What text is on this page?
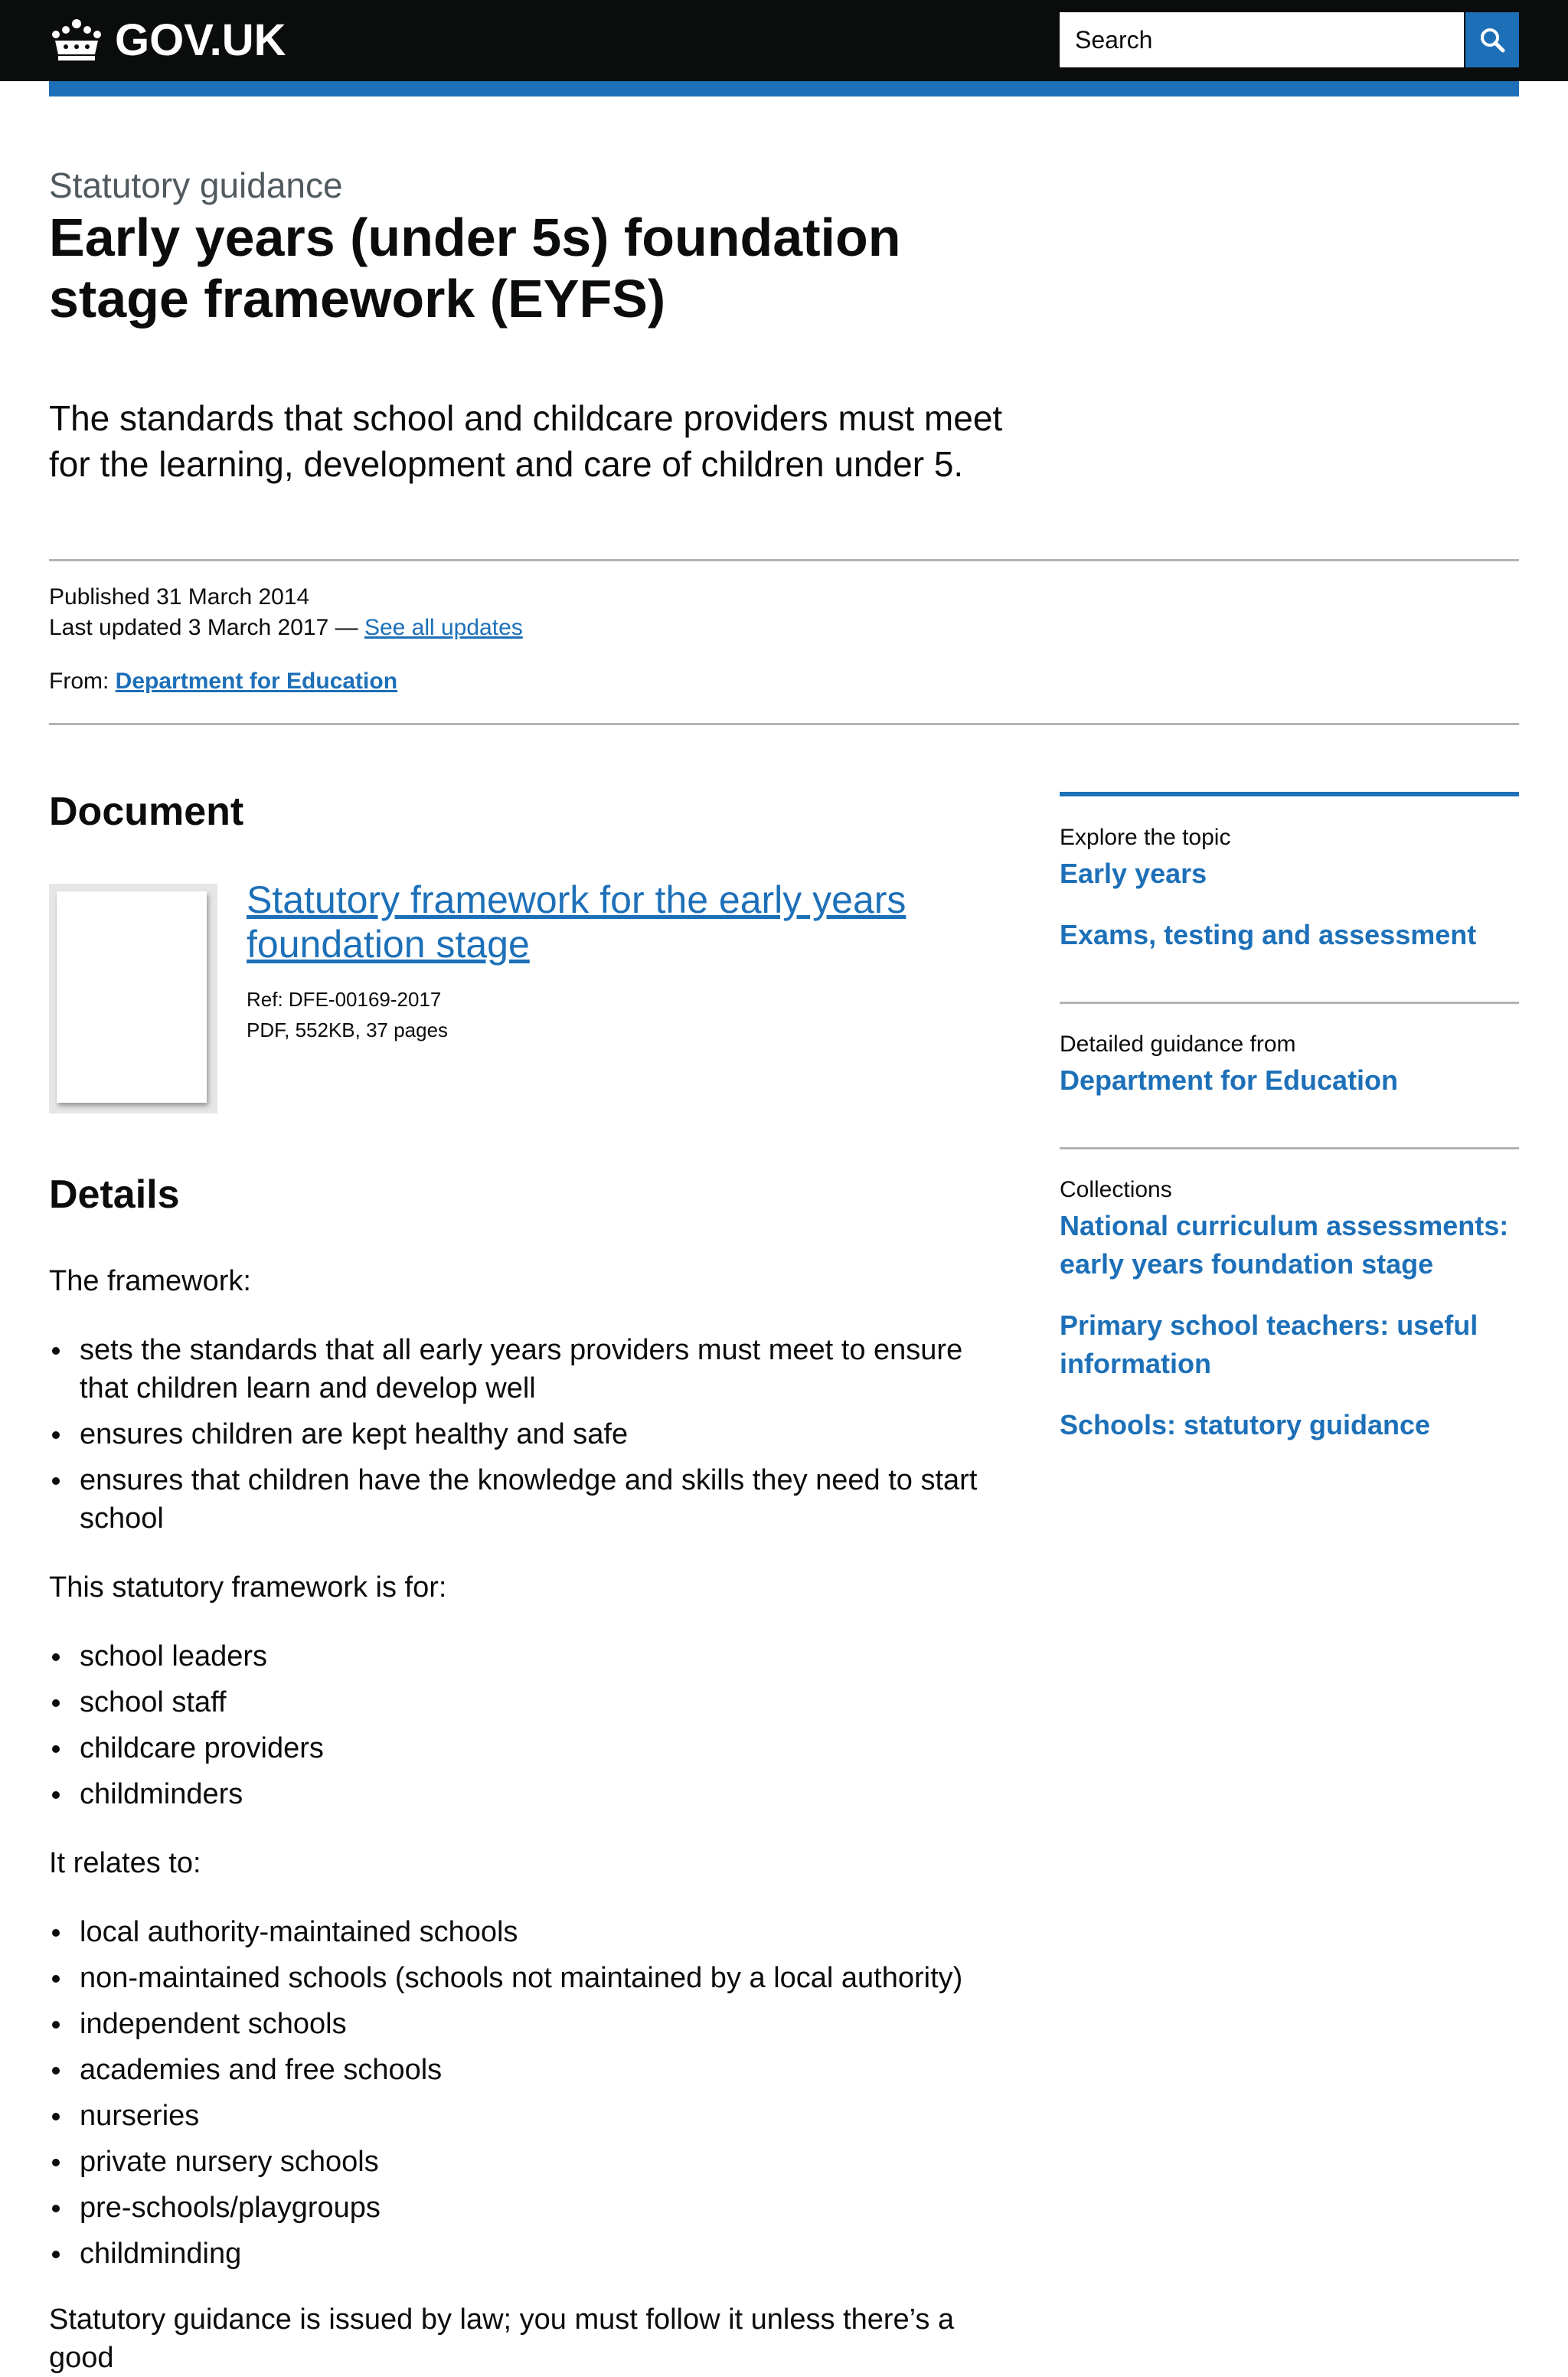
GOV.UK
Search
Statutory guidance
Early years (under 5s) foundation stage framework (EYFS)

The standards that school and childcare providers must meet for the learning, development and care of children under 5.

Published 31 March 2014
Last updated 3 March 2017 — See all updates
From: Department for Education
Document
Statutory framework for the early years foundation stage
Ref: DFE-00169-2017
PDF, 552KB, 37 pages
Details

The framework:

sets the standards that all early years providers must meet to ensure that children learn and develop well
ensures children are kept healthy and safe
ensures that children have the knowledge and skills they need to start school

This statutory framework is for:

school leaders
school staff
childcare providers
childminders

It relates to:

local authority-maintained schools
non-maintained schools (schools not maintained by a local authority)
independent schools
academies and free schools
nurseries
private nursery schools
pre-schools/playgroups
childminding

Statutory guidance is issued by law; you must follow it unless there’s a good

Explore the topic
Early years
Exams, testing and assessment
Detailed guidance from
Department for Education
Collections
National curriculum assessments: early years foundation stage
Primary school teachers: useful information
Schools: statutory guidance
